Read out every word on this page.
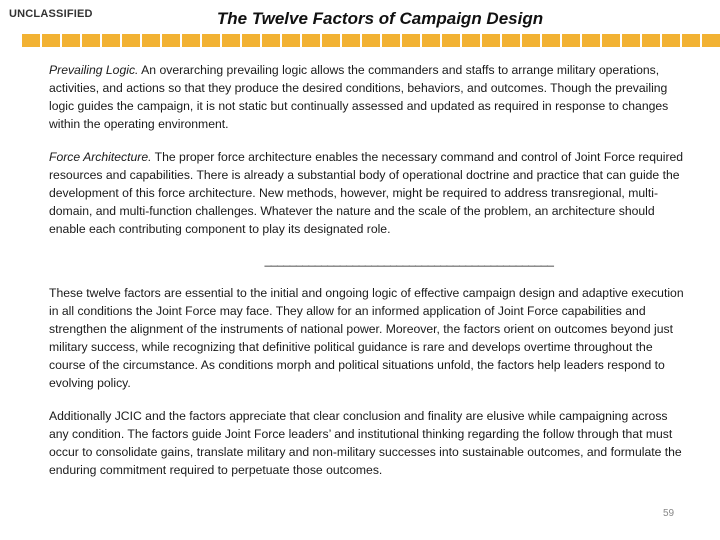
UNCLASSIFIED	The Twelve Factors of Campaign Design

Prevailing Logic. An overarching prevailing logic allows the commanders and staffs to arrange military operations, activities, and actions so that they produce the desired conditions, behaviors, and outcomes. Though the prevailing logic guides the campaign, it is not static but continually assessed and updated as required in response to changes within the operating environment.

Force Architecture. The proper force architecture enables the necessary command and control of Joint Force required resources and capabilities. There is already a substantial body of operational doctrine and practice that can guide the development of this force architecture. New methods, however, might be required to address transregional, multi-domain, and multi-function challenges. Whatever the nature and the scale of the problem, an architecture should enable each contributing component to play its designated role.

______________________________________________

These twelve factors are essential to the initial and ongoing logic of effective campaign design and adaptive execution in all conditions the Joint Force may face. They allow for an informed application of Joint Force capabilities and strengthen the alignment of the instruments of national power. Moreover, the factors orient on outcomes beyond just military success, while recognizing that definitive political guidance is rare and develops overtime throughout the course of the circumstance. As conditions morph and political situations unfold, the factors help leaders respond to evolving policy.

Additionally JCIC and the factors appreciate that clear conclusion and finality are elusive while campaigning across any condition. The factors guide Joint Force leaders’ and institutional thinking regarding the follow through that must occur to consolidate gains, translate military and non-military successes into sustainable outcomes, and formulate the enduring commitment required to perpetuate those outcomes.

59
